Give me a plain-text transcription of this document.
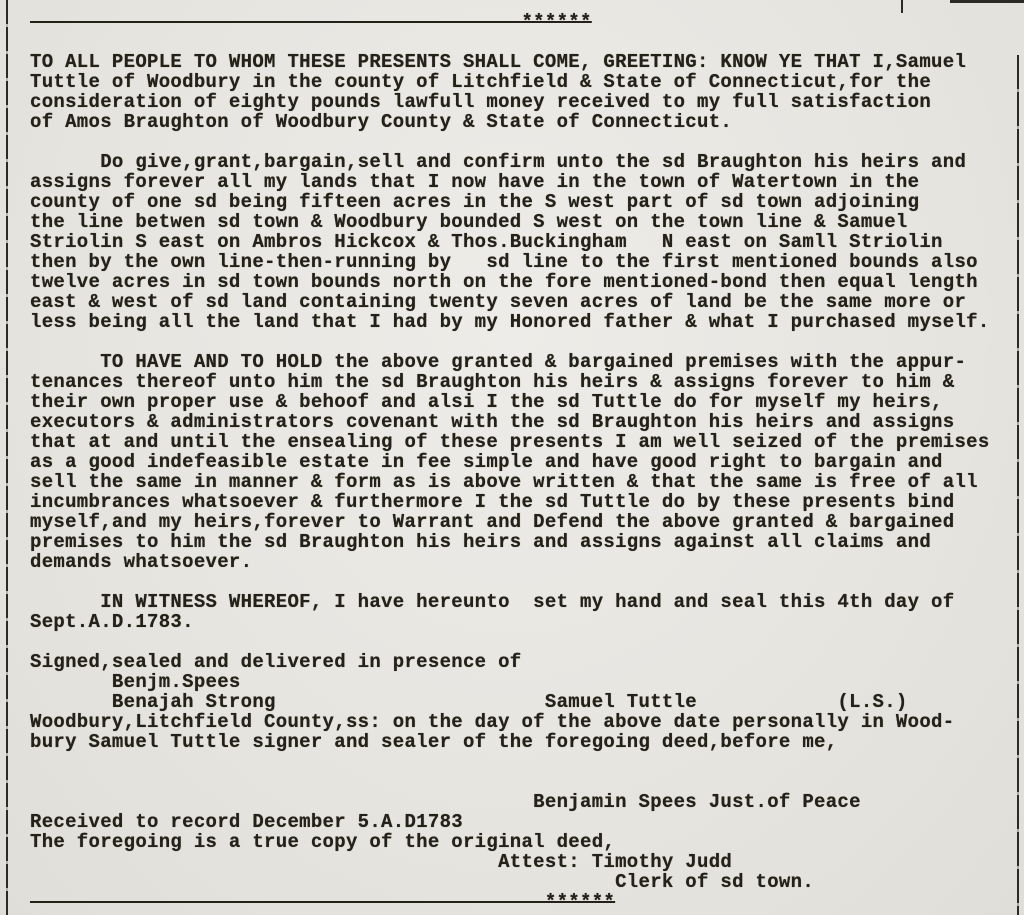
******

TO ALL PEOPLE TO WHOM THESE PRESENTS SHALL COME, GREETING: KNOW YE THAT I,Samuel
Tuttle of Woodbury in the county of Litchfield & State of Connecticut,for the
consideration of eighty pounds lawfull money received to my full satisfaction
of Amos Braughton of Woodbury County & State of Connecticut.

Do give,grant,bargain,sell and confirm unto the sd Braughton his heirs and
assigns forever all my lands that I now have in the town of Watertown in the
county of one sd being fifteen acres in the S west part of sd town adjoining
the line betwen sd town & Woodbury bounded S west on the town line & Samuel
Striolin S east on Ambros Hickcox & Thos.Buckingham   N east on Samll Striolin
then by the own line-then-running by   sd line to the first mentioned bounds also
twelve acres in sd town bounds north on the fore mentioned-bond then equal length
east & west of sd land containing twenty seven acres of land be the same more or
less being all the land that I had by my Honored father & what I purchased myself.

TO HAVE AND TO HOLD the above granted & bargained premises with the appur-
tenances thereof unto him the sd Braughton his heirs & assigns forever to him &
their own proper use & behoof and alsi I the sd Tuttle do for myself my heirs,
executors & administrators covenant with the sd Braughton his heirs and assigns
that at and until the ensealing of these presents I am well seized of the premises
as a good indefeasible estate in fee simple and have good right to bargain and
sell the same in manner & form as is above written & that the same is free of all
incumbrances whatsoever & furthermore I the sd Tuttle do by these presents bind
myself,and my heirs,forever to Warrant and Defend the above granted & bargained
premises to him the sd Braughton his heirs and assigns against all claims and
demands whatsoever.

IN WITNESS WHEREOF, I have hereunto  set my hand and seal this 4th day of
Sept.A.D.1783.

Signed,sealed and delivered in presence of
Benjm.Spees
Benajah Strong                       Samuel Tuttle            (L.S.)
Woodbury,Litchfield County,ss: on the day of the above date personally in Wood-
bury Samuel Tuttle signer and sealer of the foregoing deed,before me,

Benjamin Spees Just.of Peace
Received to record December 5.A.D1783
The foregoing is a true copy of the original deed,
Attest: Timothy Judd
Clerk of sd town.
******
